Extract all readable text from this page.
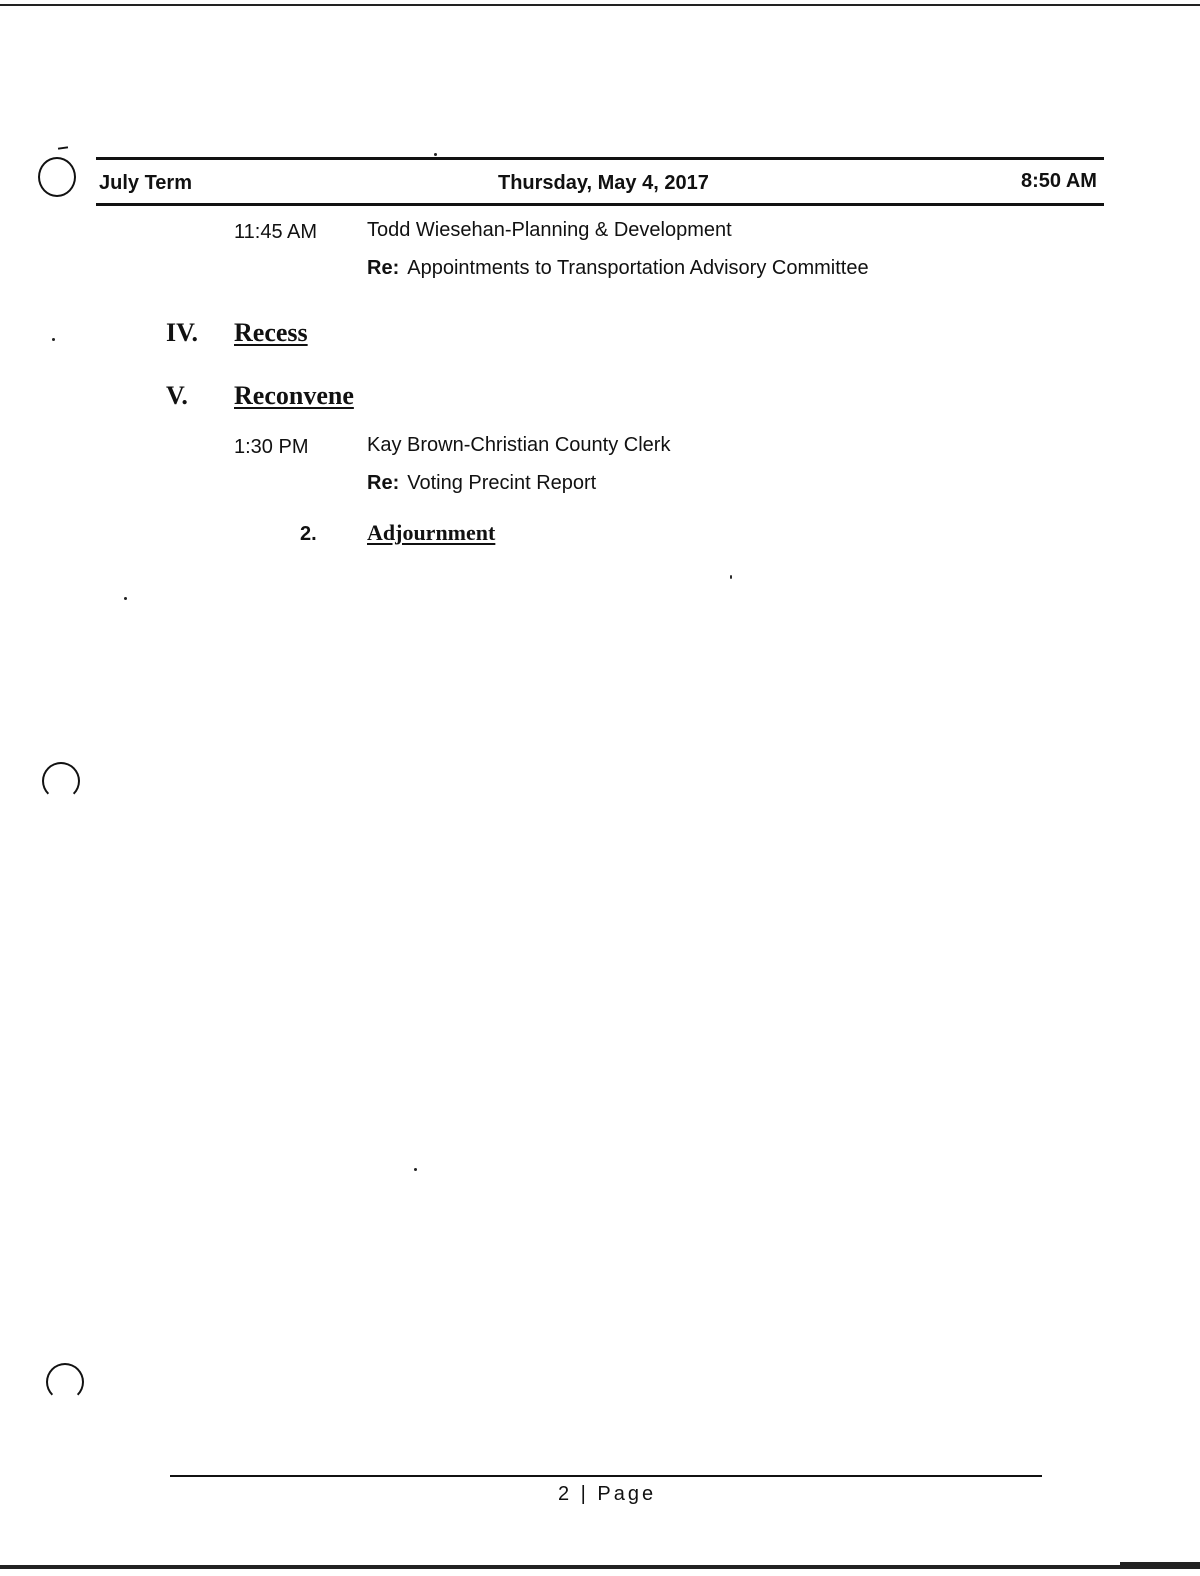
July Term	Thursday, May 4, 2017	8:50 AM
11:45 AM Todd Wiesehan-Planning & Development
Re: Appointments to Transportation Advisory Committee
IV. Recess
V. Reconvene
1:30 PM	Kay Brown-Christian County Clerk
Re: Voting Precint Report
2. Adjournment
2 | Page
